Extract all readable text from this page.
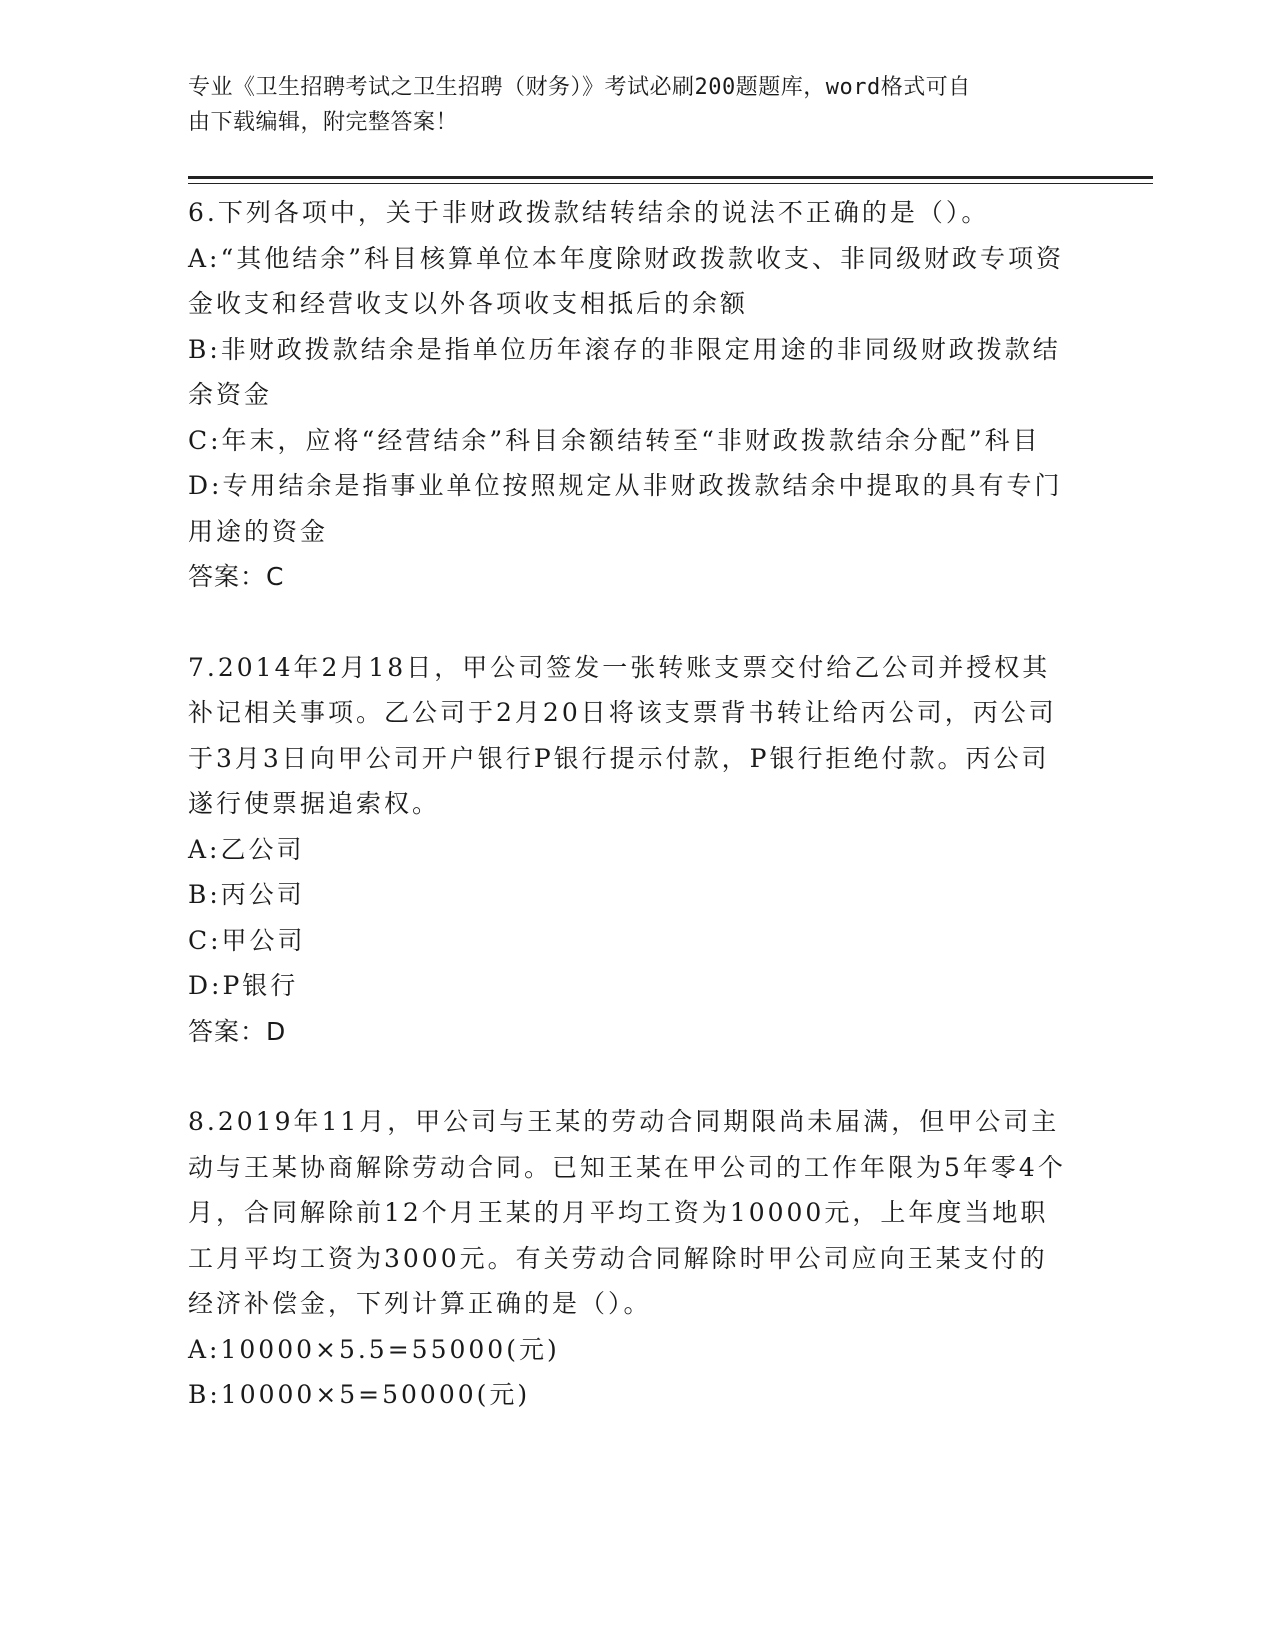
专业《卫生招聘考试之卫生招聘（财务）》考试必刷200题题库，word格式可自
由下载编辑，附完整答案！

6.下列各项中，关于非财政拨款结转结余的说法不正确的是（）。

A:“其他结余”科目核算单位本年度除财政拨款收支、非同级财政专项资金收支和经营收支以外各项收支相抵后的余额

B:非财政拨款结余是指单位历年滚存的非限定用途的非同级财政拨款结余资金

C:年末，应将“经营结余”科目余额结转至“非财政拨款结余分配”科目

D:专用结余是指事业单位按照规定从非财政拨款结余中提取的具有专门用途的资金

答案：C

7.2014年2月18日，甲公司签发一张转账支票交付给乙公司并授权其补记相关事项。乙公司于2月20日将该支票背书转让给丙公司，丙公司于3月3日向甲公司开户银行P银行提示付款，P银行拒绝付款。丙公司遂行使票据追索权。

A:乙公司

B:丙公司

C:甲公司

D:P银行

答案：D

8.2019年11月，甲公司与王某的劳动合同期限尚未届满，但甲公司主动与王某协商解除劳动合同。已知王某在甲公司的工作年限为5年零4个月，合同解除前12个月王某的月平均工资为10000元，上年度当地职工月平均工资为3000元。有关劳动合同解除时甲公司应向王某支付的经济补偿金，下列计算正确的是（）。

A:10000×5.5=55000(元)

B:10000×5=50000(元)
